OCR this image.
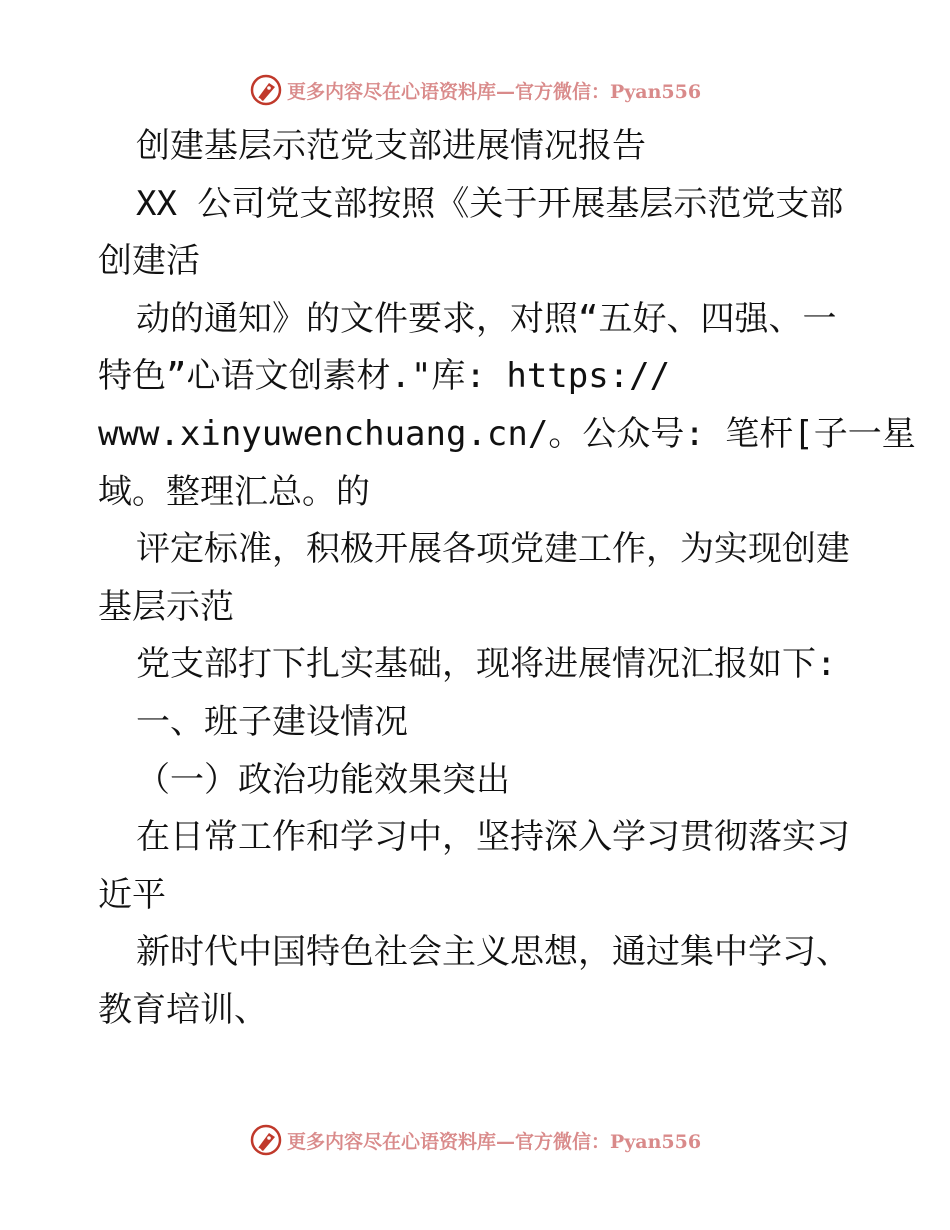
更多内容尽在心语资料库—官方微信：Pyan556
创建基层示范党支部进展情况报告
XX 公司党支部按照《关于开展基层示范党支部
创建活
动的通知》的文件要求，对照“五好、四强、一
特色”心语文创素材."库: https://
www.xinyuwenchuang.cn/。公众号: 笔杆[子一星
域。整理汇总。的
评定标准，积极开展各项党建工作，为实现创建
基层示范
党支部打下扎实基础，现将进展情况汇报如下:
一、班子建设情况
（一）政治功能效果突出
在日常工作和学习中，坚持深入学习贯彻落实习
近平
新时代中国特色社会主义思想，通过集中学习、
教育培训、
更多内容尽在心语资料库—官方微信：Pyan556
